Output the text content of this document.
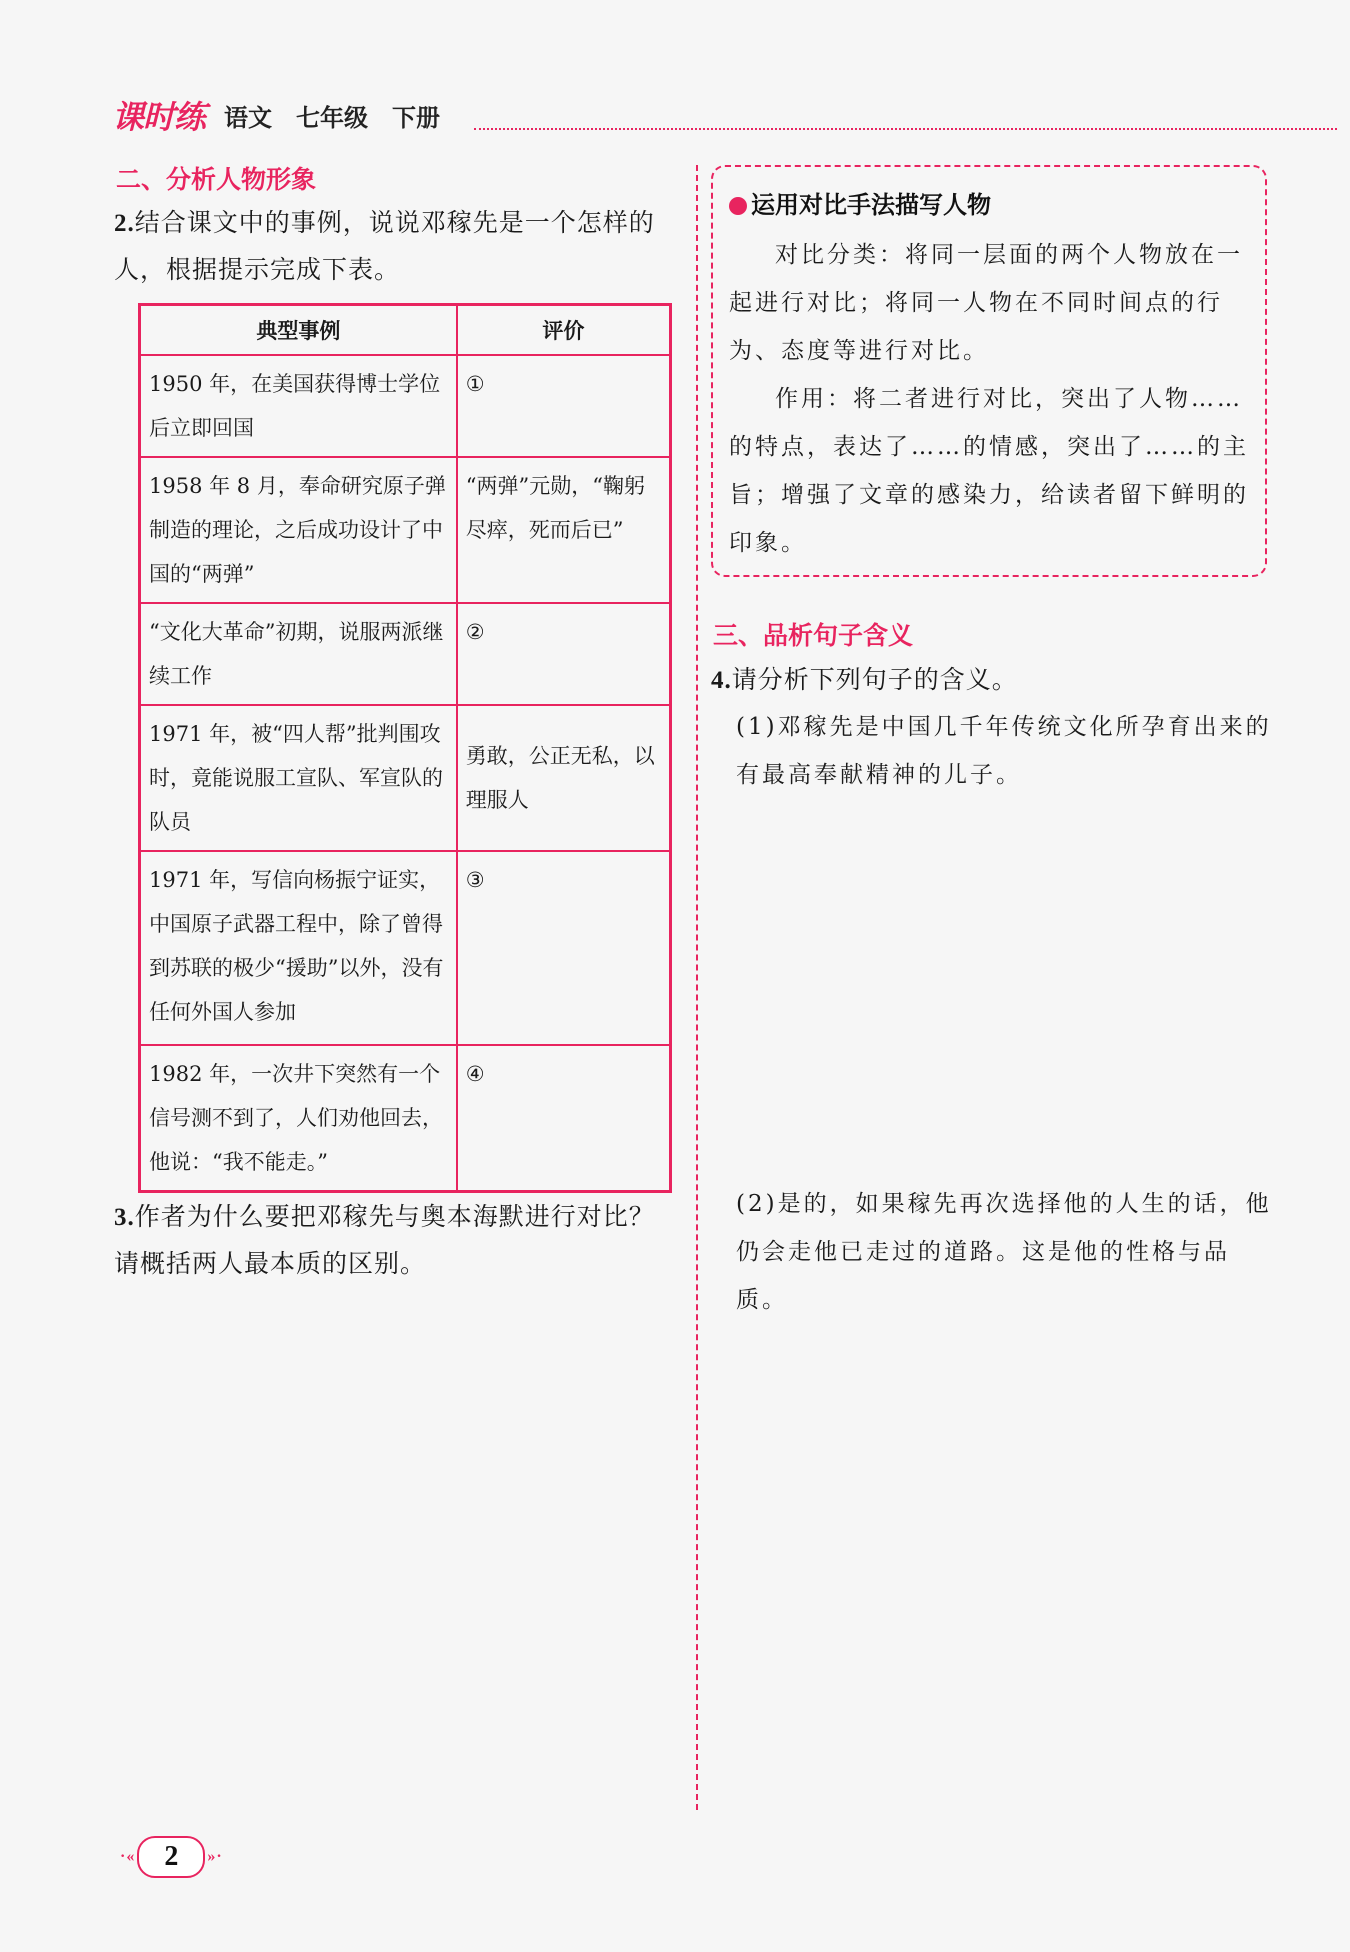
课时练 语文　七年级　下册
二、分析人物形象
2.结合课文中的事例，说说邓稼先是一个怎样的人，根据提示完成下表。
典型事例	评价
1950 年，在美国获得博士学位后立即回国	①
1958 年 8 月，奉命研究原子弹制造的理论，之后成功设计了中国的“两弹”	“两弹”元勋，“鞠躬尽瘁，死而后已”
“文化大革命”初期，说服两派继续工作	②
1971 年，被“四人帮”批判围攻时，竟能说服工宣队、军宣队的队员	勇敢，公正无私，以理服人
1971 年，写信向杨振宁证实，中国原子武器工程中，除了曾得到苏联的极少“援助”以外，没有任何外国人参加	③
1982 年，一次井下突然有一个信号测不到了，人们劝他回去，他说：“我不能走。”	④
3.作者为什么要把邓稼先与奥本海默进行对比？请概括两人最本质的区别。
运用对比手法描写人物
对比分类：将同一层面的两个人物放在一起进行对比；将同一人物在不同时间点的行为、态度等进行对比。
作用：将二者进行对比，突出了人物……的特点，表达了……的情感，突出了……的主旨；增强了文章的感染力，给读者留下鲜明的印象。
三、品析句子含义
4.请分析下列句子的含义。
(1)邓稼先是中国几千年传统文化所孕育出来的有最高奉献精神的儿子。
(2)是的，如果稼先再次选择他的人生的话，他仍会走他已走过的道路。这是他的性格与品质。
·«	2	»·
